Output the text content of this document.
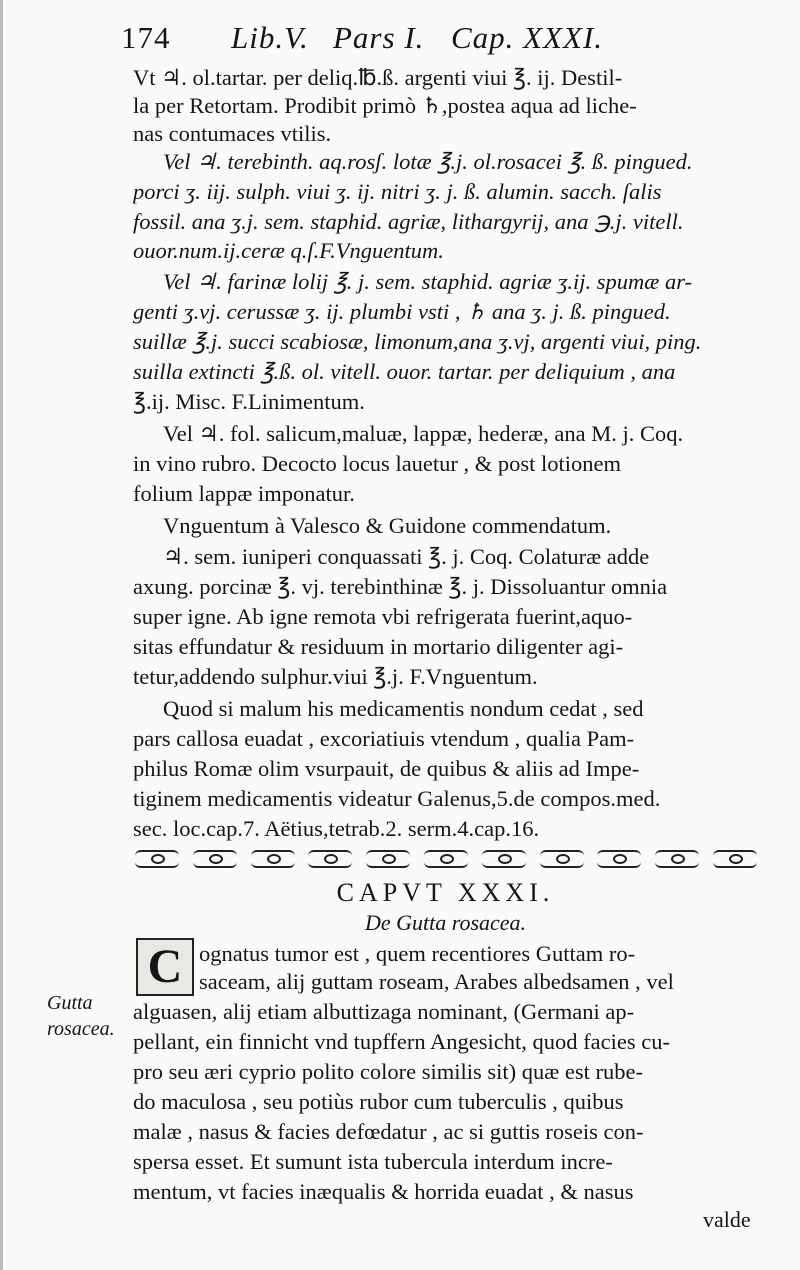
174 Lib.V. Pars I. Cap. XXXI.
Vt ♃. ol.tartar. per deliq.℔.ß. argenti viui ℥. ij. Destil-
la per Retortam. Prodibit primò ♄,postea aqua ad liche-
nas contumaces vtilis.
Vel ♃. terebinth. aq.rosʃ. lotæ ℥.j. ol.rosacei ℥. ß. pingued.
porci ʒ. iij. sulph. viui ʒ. ij. nitri ʒ. j. ß. alumin. sacch. ſalis
fossil. ana ʒ.j. sem. staphid. agriæ, lithargyrij, ana ℈.j. vitell.
ouor.num.ij.ceræ q.ſ.F.Vnguentum.
Vel ♃. farinæ lolij ℥. j. sem. staphid. agriæ ʒ.ij. spumæ ar-
genti ʒ.vj. cerussæ ʒ. ij. plumbi vsti , ♄ ana ʒ. j. ß. pingued.
suillæ ℥.j. succi scabiosæ, limonum,ana ʒ.vj, argenti viui, ping.
suilla extincti ℥.ß. ol. vitell. ouor. tartar. per deliquium , ana
℥.ij. Misc. F.Linimentum.
Vel ♃. fol. salicum,maluæ, lappæ, hederæ, ana M. j. Coq.
in vino rubro. Decocto locus lauetur , & post lotionem
folium lappæ imponatur.
Vnguentum à Valesco & Guidone commendatum.
♃. sem. iuniperi conquassati ℥. j. Coq. Colaturæ adde
axung. porcinæ ℥. vj. terebinthinæ ℥. j. Dissoluantur omnia
super igne. Ab igne remota vbi refrigerata fuerint,aquo-
sitas effundatur & residuum in mortario diligenter agi-
tetur,addendo sulphur.viui ℥.j. F.Vnguentum.
Quod si malum his medicamentis nondum cedat , sed
pars callosa euadat , excoriatiuis vtendum , qualia Pam-
philus Romæ olim vsurpauit, de quibus & aliis ad Impe-
tiginem medicamentis videatur Galenus,5.de compos.med.
sec. loc.cap.7. Aëtius,tetrab.2. serm.4.cap.16.
CAPVT XXXI.
De Gutta rosacea.
C
Gutta
rosacea.
ognatus tumor est , quem recentiores Guttam ro-
saceam, alij guttam roseam, Arabes albedsamen , vel
alguasen, alij etiam albuttizaga nominant, (Germani ap-
pellant, ein finnicht vnd tupffern Angesicht, quod facies cu-
pro seu æri cyprio polito colore similis sit) quæ est rube-
do maculosa , seu potiùs rubor cum tuberculis , quibus
malæ , nasus & facies defœdatur , ac si guttis roseis con-
spersa esset. Et sumunt ista tubercula interdum incre-
mentum, vt facies inæqualis & horrida euadat , & nasus
valde
